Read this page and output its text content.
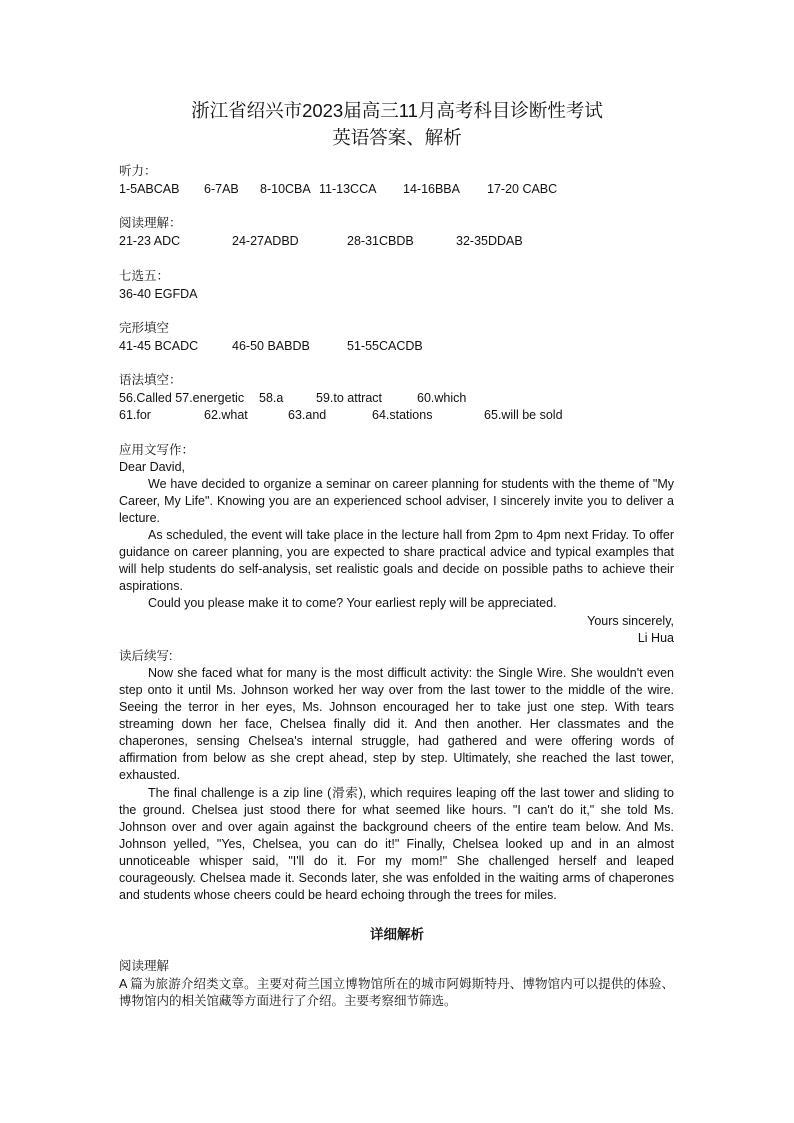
浙江省绍兴市2023届高三11月高考科目诊断性考试
英语答案、解析
听力：
1-5ABCAB 6-7AB 8-10CBA 11-13CCA 14-16BBA 17-20 CABC
阅读理解：
21-23 ADC	24-27ADBD	28-31CBDB	32-35DDAB
七选五：
36-40 EGFDA
完形填空
41-45 BCADC	46-50 BABDB	51-55CACDB
语法填空：
56.Called 57.energetic 58.a	59.to attract	60.which
61.for	62.what	63.and	64.stations	65.will be sold
应用文写作：
Dear David,
We have decided to organize a seminar on career planning for students with the theme of "My Career, My Life". Knowing you are an experienced school adviser, I sincerely invite you to deliver a lecture.
As scheduled, the event will take place in the lecture hall from 2pm to 4pm next Friday. To offer guidance on career planning, you are expected to share practical advice and typical examples that will help students do self-analysis, set realistic goals and decide on possible paths to achieve their aspirations.
Could you please make it to come? Your earliest reply will be appreciated.
Yours sincerely,
Li Hua
读后续写:
Now she faced what for many is the most difficult activity: the Single Wire. She wouldn't even step onto it until Ms. Johnson worked her way over from the last tower to the middle of the wire. Seeing the terror in her eyes, Ms. Johnson encouraged her to take just one step. With tears streaming down her face, Chelsea finally did it. And then another. Her classmates and the chaperones, sensing Chelsea's internal struggle, had gathered and were offering words of affirmation from below as she crept ahead, step by step. Ultimately, she reached the last tower, exhausted.
The final challenge is a zip line (滑索), which requires leaping off the last tower and sliding to the ground. Chelsea just stood there for what seemed like hours. "I can't do it," she told Ms. Johnson over and over again against the background cheers of the entire team below. And Ms. Johnson yelled, "Yes, Chelsea, you can do it!" Finally, Chelsea looked up and in an almost unnoticeable whisper said, "I'll do it. For my mom!" She challenged herself and leaped courageously. Chelsea made it. Seconds later, she was enfolded in the waiting arms of chaperones and students whose cheers could be heard echoing through the trees for miles.
详细解析
阅读理解
A 篇为旅游介绍类文章。主要对荷兰国立博物馆所在的城市阿姆斯特丹、博物馆内可以提供的体验、博物馆内的相关馆藏等方面进行了介绍。主要考察细节筛选。
